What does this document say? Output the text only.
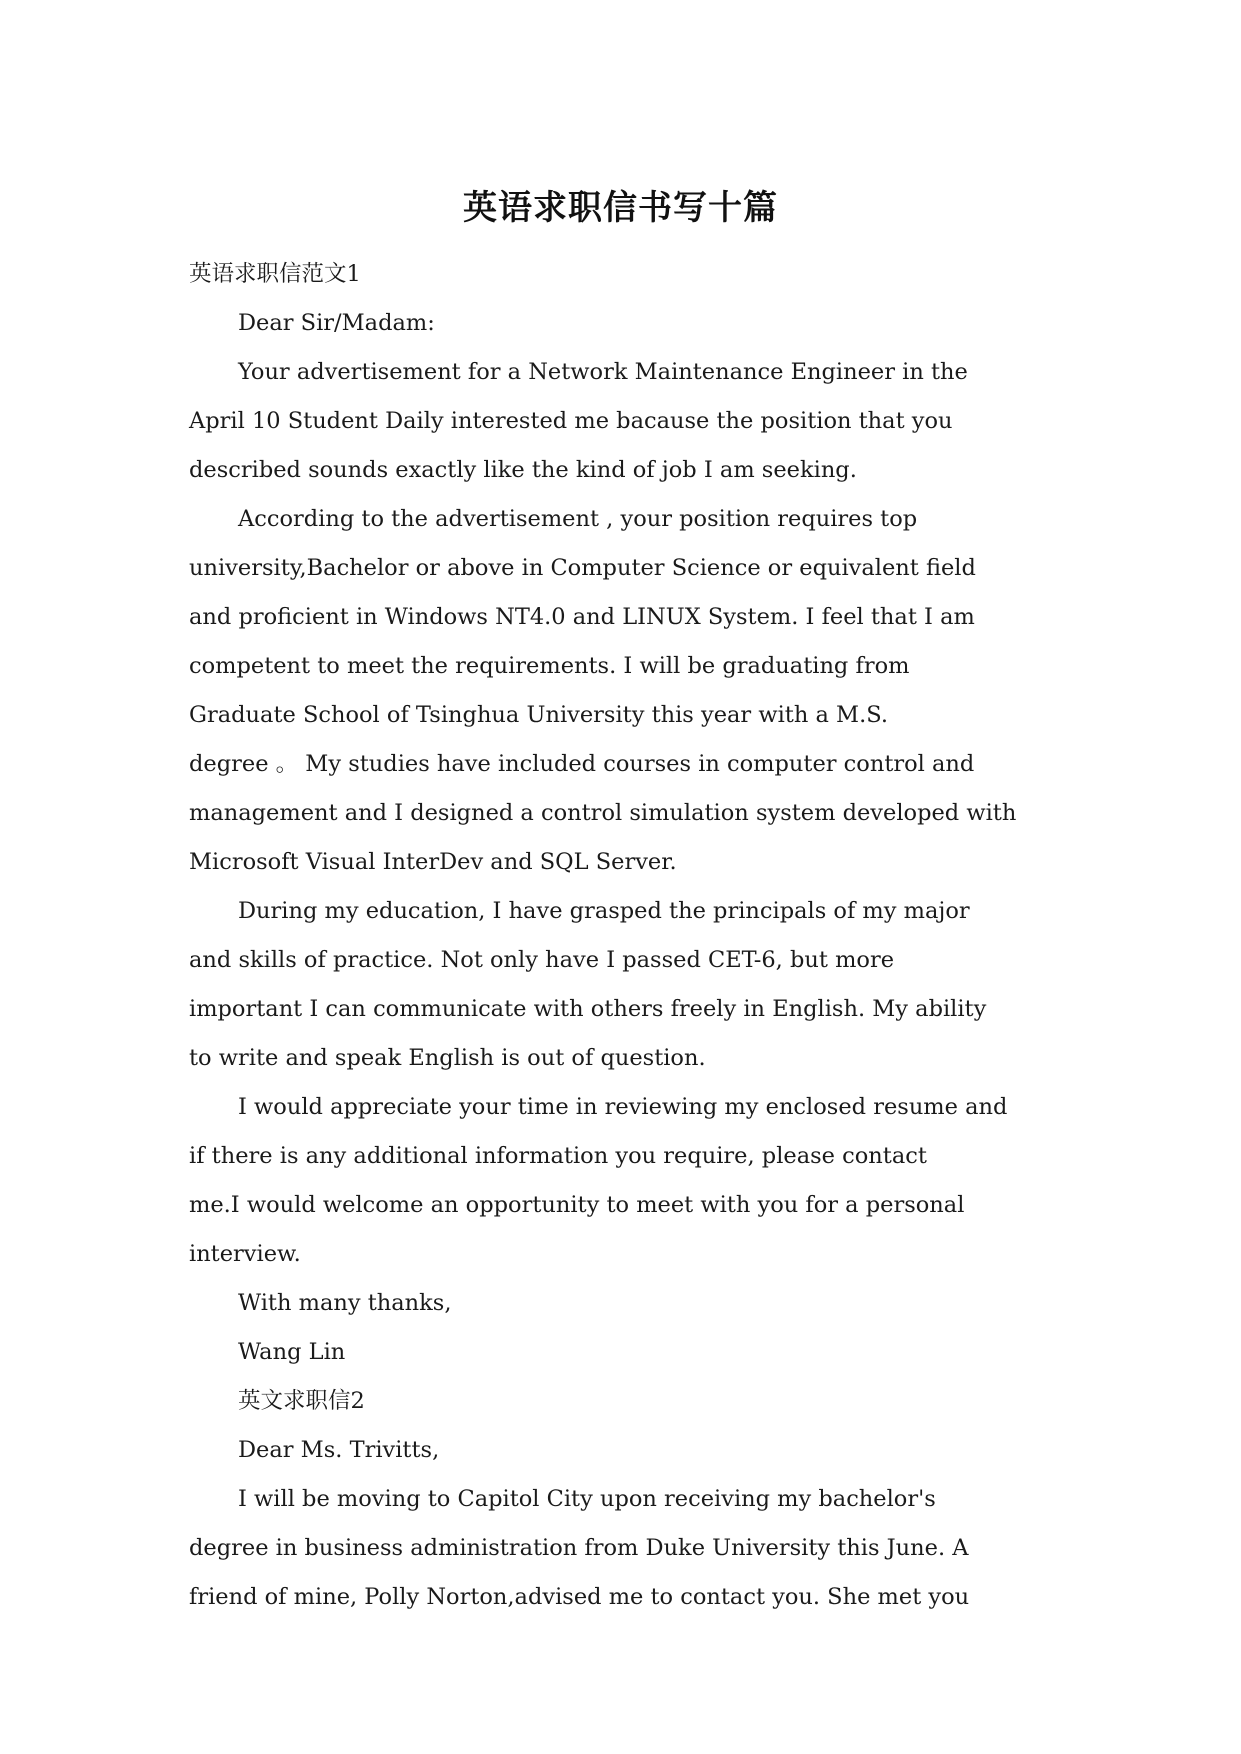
英语求职信书写十篇
英语求职信范文1
Dear Sir/Madam:
Your advertisement for a Network Maintenance Engineer in the
April 10 Student Daily interested me bacause the position that you
described sounds exactly like the kind of job I am seeking.
According to the advertisement , your position requires top
university,Bachelor or above in Computer Science or equivalent field
and proficient in Windows NT4.0 and LINUX System. I feel that I am
competent to meet the requirements. I will be graduating from
Graduate School of Tsinghua University this year with a M.S.
degree 。 My studies have included courses in computer control and
management and I designed a control simulation system developed with
Microsoft Visual InterDev and SQL Server.
During my education, I have grasped the principals of my major
and skills of practice. Not only have I passed CET-6, but more
important I can communicate with others freely in English. My ability
to write and speak English is out of question.
I would appreciate your time in reviewing my enclosed resume and
if there is any additional information you require, please contact
me.I would welcome an opportunity to meet with you for a personal
interview.
With many thanks,
Wang Lin
英文求职信2
Dear Ms. Trivitts,
I will be moving to Capitol City upon receiving my bachelor's
degree in business administration from Duke University this June. A
friend of mine, Polly Norton,advised me to contact you. She met you
